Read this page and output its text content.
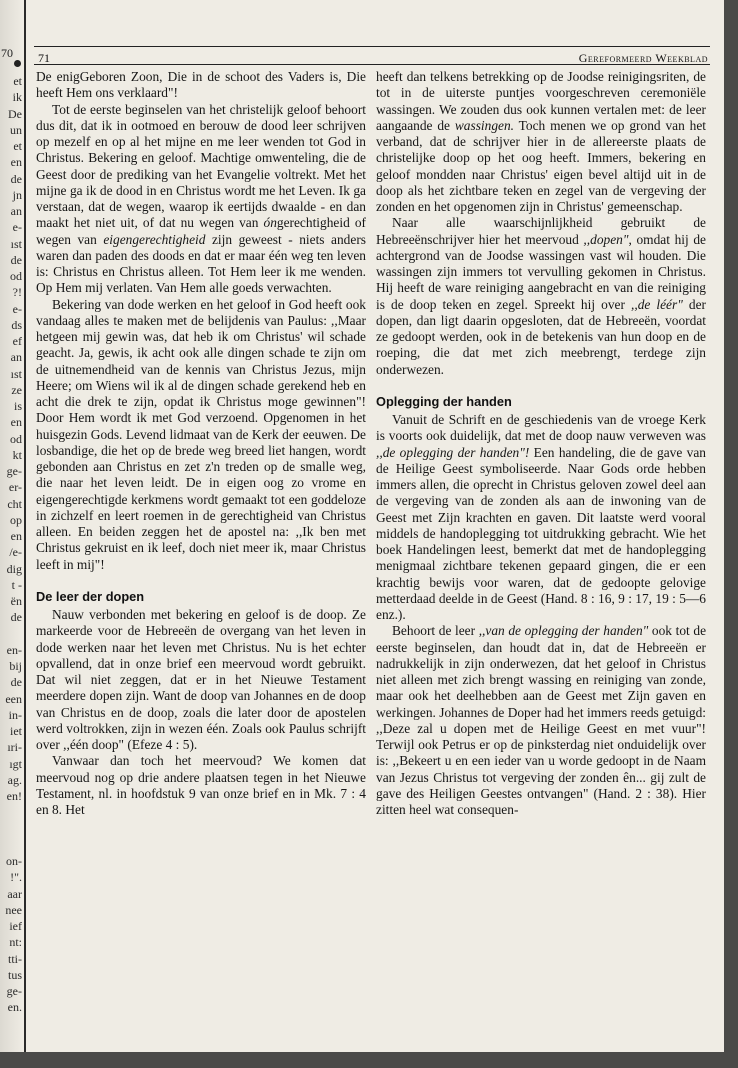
70
et
ik
De
un
et
en
de
jn
an
e-
ıst
de
od
?!
e-
ds
ef
an
ıst
ze
is
en
od
kt
ge-
er-
cht
op
en
/e-
dig
t -
ën
de
en-
bij
de
een
in-
iet
ıri-
ıgt
ag.
en!
on-
!".
aar
nee
ief
nt:
tti-
tus
ge-
en.
71	Gereformeerd Weekblad

De enigGeboren Zoon, Die in de schoot des Vaders is, Die heeft Hem ons verklaard"!

Tot de eerste beginselen van het christelijk geloof behoort dus dit, dat ik in ootmoed en berouw de dood leer schrijven op mezelf en op al het mijne en me leer wenden tot God in Christus. Bekering en geloof. Machtige omwenteling, die de Geest door de prediking van het Evangelie voltrekt. Met het mijne ga ik de dood in en Christus wordt me het Leven. Ik ga verstaan, dat de wegen, waarop ik eertijds dwaalde - en dan maakt het niet uit, of dat nu wegen van óngerechtigheid of wegen van eigengerechtigheid zijn geweest - niets anders waren dan paden des doods en dat er maar één weg ten leven is: Christus en Christus alleen. Tot Hem leer ik me wenden. Op Hem mij verlaten. Van Hem alle goeds verwachten.

Bekering van dode werken en het geloof in God heeft ook vandaag alles te maken met de belijdenis van Paulus: ,,Maar hetgeen mij gewin was, dat heb ik om Christus' wil schade geacht. Ja, gewis, ik acht ook alle dingen schade te zijn om de uitnemendheid van de kennis van Christus Jezus, mijn Heere; om Wiens wil ik al de dingen schade gerekend heb en acht die drek te zijn, opdat ik Christus moge gewinnen"! Door Hem wordt ik met God verzoend. Opgenomen in het huisgezin Gods. Levend lidmaat van de Kerk der eeuwen. De losbandige, die het op de brede weg breed liet hangen, wordt gebonden aan Christus en zet z'n treden op de smalle weg, die naar het leven leidt. De in eigen oog zo vrome en eigengerechtigde kerkmens wordt gemaakt tot een goddeloze in zichzelf en leert roemen in de gerechtigheid van Christus alleen. En beiden zeggen het de apostel na: ,,Ik ben met Christus gekruist en ik leef, doch niet meer ik, maar Christus leeft in mij"!

De leer der dopen

Nauw verbonden met bekering en geloof is de doop. Ze markeerde voor de Hebreeën de overgang van het leven in dode werken naar het leven met Christus. Nu is het echter opvallend, dat in onze brief een meervoud wordt gebruikt. Dat wil niet zeggen, dat er in het Nieuwe Testament meerdere dopen zijn. Want de doop van Johannes en de doop van Christus en de doop, zoals die later door de apostelen werd voltrokken, zijn in wezen één. Zoals ook Paulus schrijft over ,,één doop" (Efeze 4 : 5).

Vanwaar dan toch het meervoud? We komen dat meervoud nog op drie andere plaatsen tegen in het Nieuwe Testament, nl. in hoofdstuk 9 van onze brief en in Mk. 7 : 4 en 8. Het

heeft dan telkens betrekking op de Joodse reinigingsriten, de tot in de uiterste puntjes voorgeschreven ceremoniële wassingen. We zouden dus ook kunnen vertalen met: de leer aangaande de wassingen. Toch menen we op grond van het verband, dat de schrijver hier in de allereerste plaats de christelijke doop op het oog heeft. Immers, bekering en geloof mondden naar Christus' eigen bevel altijd uit in de doop als het zichtbare teken en zegel van de vergeving der zonden en het opgenomen zijn in Christus' gemeenschap.

Naar alle waarschijnlijkheid gebruikt de Hebreeënschrijver hier het meervoud ,,dopen", omdat hij de achtergrond van de Joodse wassingen vast wil houden. Die wassingen zijn immers tot vervulling gekomen in Christus. Hij heeft de ware reiniging aangebracht en van die reiniging is de doop teken en zegel. Spreekt hij over ,,de léér" der dopen, dan ligt daarin opgesloten, dat de Hebreeën, voordat ze gedoopt werden, ook in de betekenis van hun doop en de roeping, die dat met zich meebrengt, terdege zijn onderwezen.

Oplegging der handen

Vanuit de Schrift en de geschiedenis van de vroege Kerk is voorts ook duidelijk, dat met de doop nauw verweven was ,,de oplegging der handen"! Een handeling, die de gave van de Heilige Geest symboliseerde. Naar Gods orde hebben immers allen, die oprecht in Christus geloven zowel deel aan de vergeving van de zonden als aan de inwoning van de Geest met Zijn krachten en gaven. Dit laatste werd vooral middels de handoplegging tot uitdrukking gebracht. Wie het boek Handelingen leest, bemerkt dat met de handoplegging menigmaal zichtbare tekenen gepaard gingen, die er een krachtig bewijs voor waren, dat de gedoopte gelovige metterdaad deelde in de Geest (Hand. 8 : 16, 9 : 17, 19 : 5—6 enz.).

Behoort de leer ,,van de oplegging der handen" ook tot de eerste beginselen, dan houdt dat in, dat de Hebreeën er nadrukkelijk in zijn onderwezen, dat het geloof in Christus niet alleen met zich brengt wassing en reiniging van zonde, maar ook het deelhebben aan de Geest met Zijn gaven en werkingen. Johannes de Doper had het immers reeds getuigd: ,,Deze zal u dopen met de Heilige Geest en met vuur"! Terwijl ook Petrus er op de pinksterdag niet onduidelijk over is: ,,Bekeert u en een ieder van u worde gedoopt in de Naam van Jezus Christus tot vergeving der zonden ên... gij zult de gave des Heiligen Geestes ontvangen" (Hand. 2 : 38). Hier zitten heel wat consequen-
